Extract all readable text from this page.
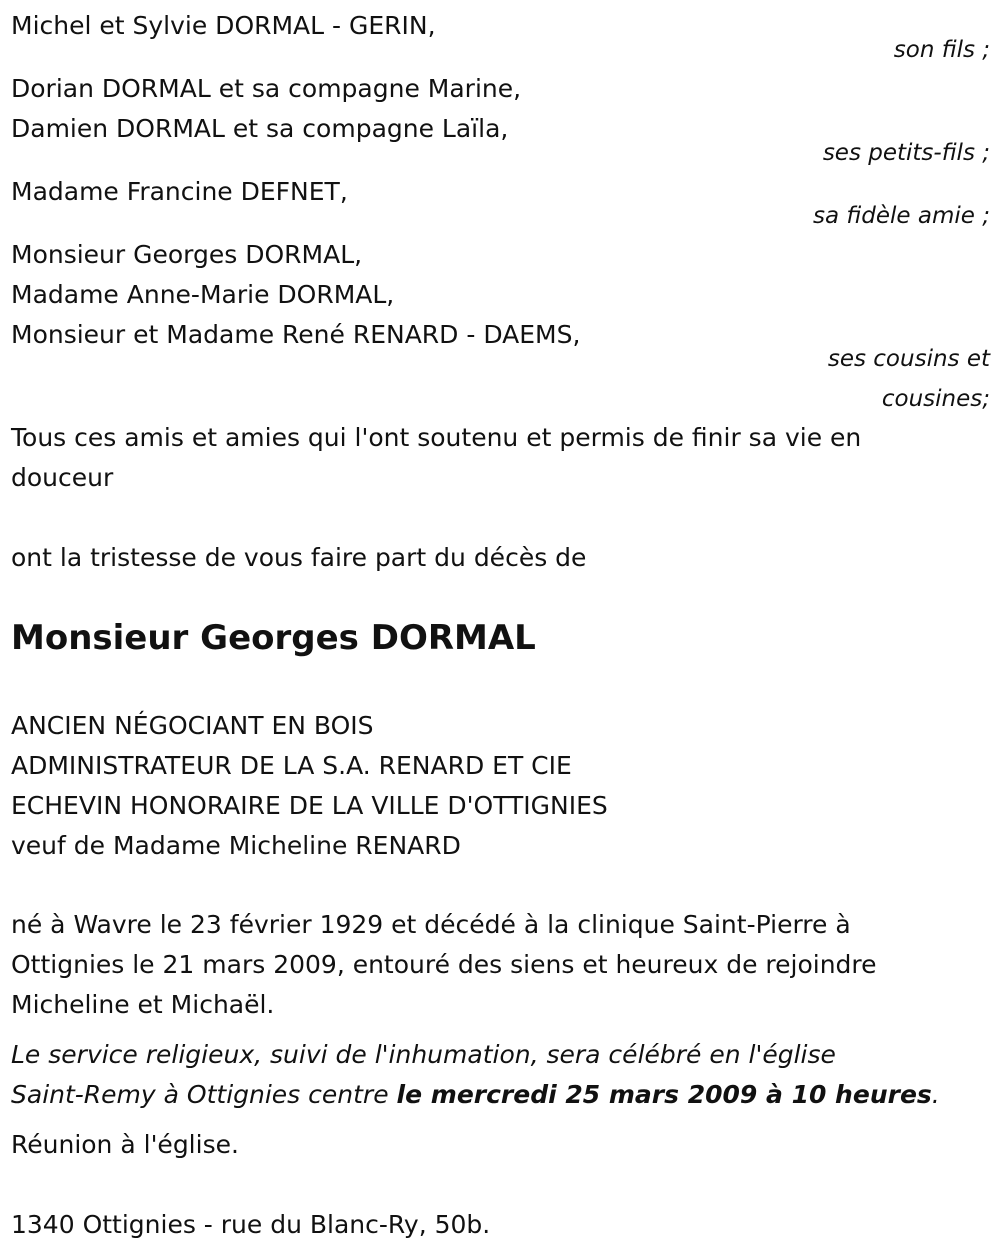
Michel et Sylvie DORMAL - GERIN,

son fils ;

Dorian DORMAL et sa compagne Marine,

Damien DORMAL et sa compagne Laïla,

ses petits-fils ;

Madame Francine DEFNET,

sa fidèle amie ;

Monsieur Georges DORMAL,

Madame Anne-Marie DORMAL,

Monsieur et Madame René RENARD - DAEMS,

ses cousins et

cousines;

Tous ces amis et amies qui l'ont soutenu et permis de finir sa vie en

douceur

ont la tristesse de vous faire part du décès de

Monsieur Georges DORMAL

ANCIEN NÉGOCIANT EN BOIS

ADMINISTRATEUR DE LA S.A. RENARD ET CIE

ECHEVIN HONORAIRE DE LA VILLE D'OTTIGNIES

veuf de Madame Micheline RENARD

né à Wavre le 23 février 1929 et décédé à la clinique Saint-Pierre à

Ottignies le 21 mars 2009, entouré des siens et heureux de rejoindre

Micheline et Michaël.

Le service religieux, suivi de l'inhumation, sera célébré en l'église

Saint-Remy à Ottignies centre le mercredi 25 mars 2009 à 10 heures.

Réunion à l'église.

1340 Ottignies - rue du Blanc-Ry, 50b.
